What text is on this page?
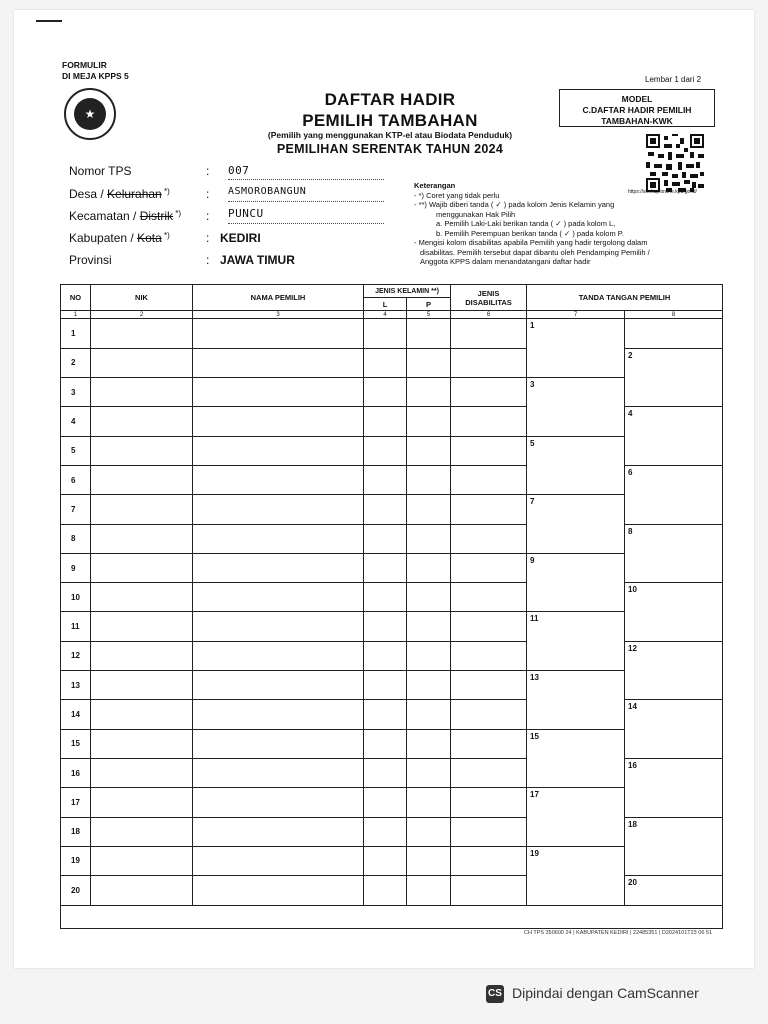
FORMULIR
DI MEJA KPPS 5	Lembar 1 dari 2
★
DAFTAR HADIR
PEMILIH TAMBAHAN
(Pemilih yang menggunakan KTP-el atau Biodata Penduduk)
PEMILIHAN SERENTAK TAHUN 2024
MODEL
C.DAFTAR HADIR PEMILIH
TAMBAHAN-KWK
https://sirekapfonline.kpu.go.id/
Nomor TPS	: 007
Desa / Kelurahan *)	: ASMOROBANGUN
Kecamatan / Distrik *) : PUNCU
Kabupaten / Kota *)	: KEDIRI
Provinsi	: JAWA TIMUR
Keterangan
- *) Coret yang tidak perlu
- **) Wajib diberi tanda ( ✓ ) pada kolom Jenis Kelamin yang
menggunakan Hak Pilih
a. Pemilih Laki-Laki berikan tanda ( ✓ ) pada kolom L,
b. Pemilih Perempuan berikan tanda ( ✓ ) pada kolom P.
- Mengisi kolom disabilitas apabila Pemilih yang hadir tergolong dalam
disabilitas. Pemilih tersebut dapat dibantu oleh Pendamping Pemilih /
Anggota KPPS dalam menandatangani daftar hadir
NO	NIK	NAMA PEMILIH	JENIS KELAMIN **)		JENIS
DISABILITAS	TANDA TANGAN PEMILIH	
			L	P			
1	2	3	4	5	6	7	8
1						1	
2							2
3						3	
4							4
5						5	
6							6
7						7	
8							8
9						9	
10							10
11						11	
12							12
13						13	
14							14
15						15	
16							16
17						17	
18							18
19						19	
20							20

CH TPS 350600 24 | KABUPATEN KEDIRI | 22485351 | D2024101T23 06 51
CS Dipindai dengan CamScanner
